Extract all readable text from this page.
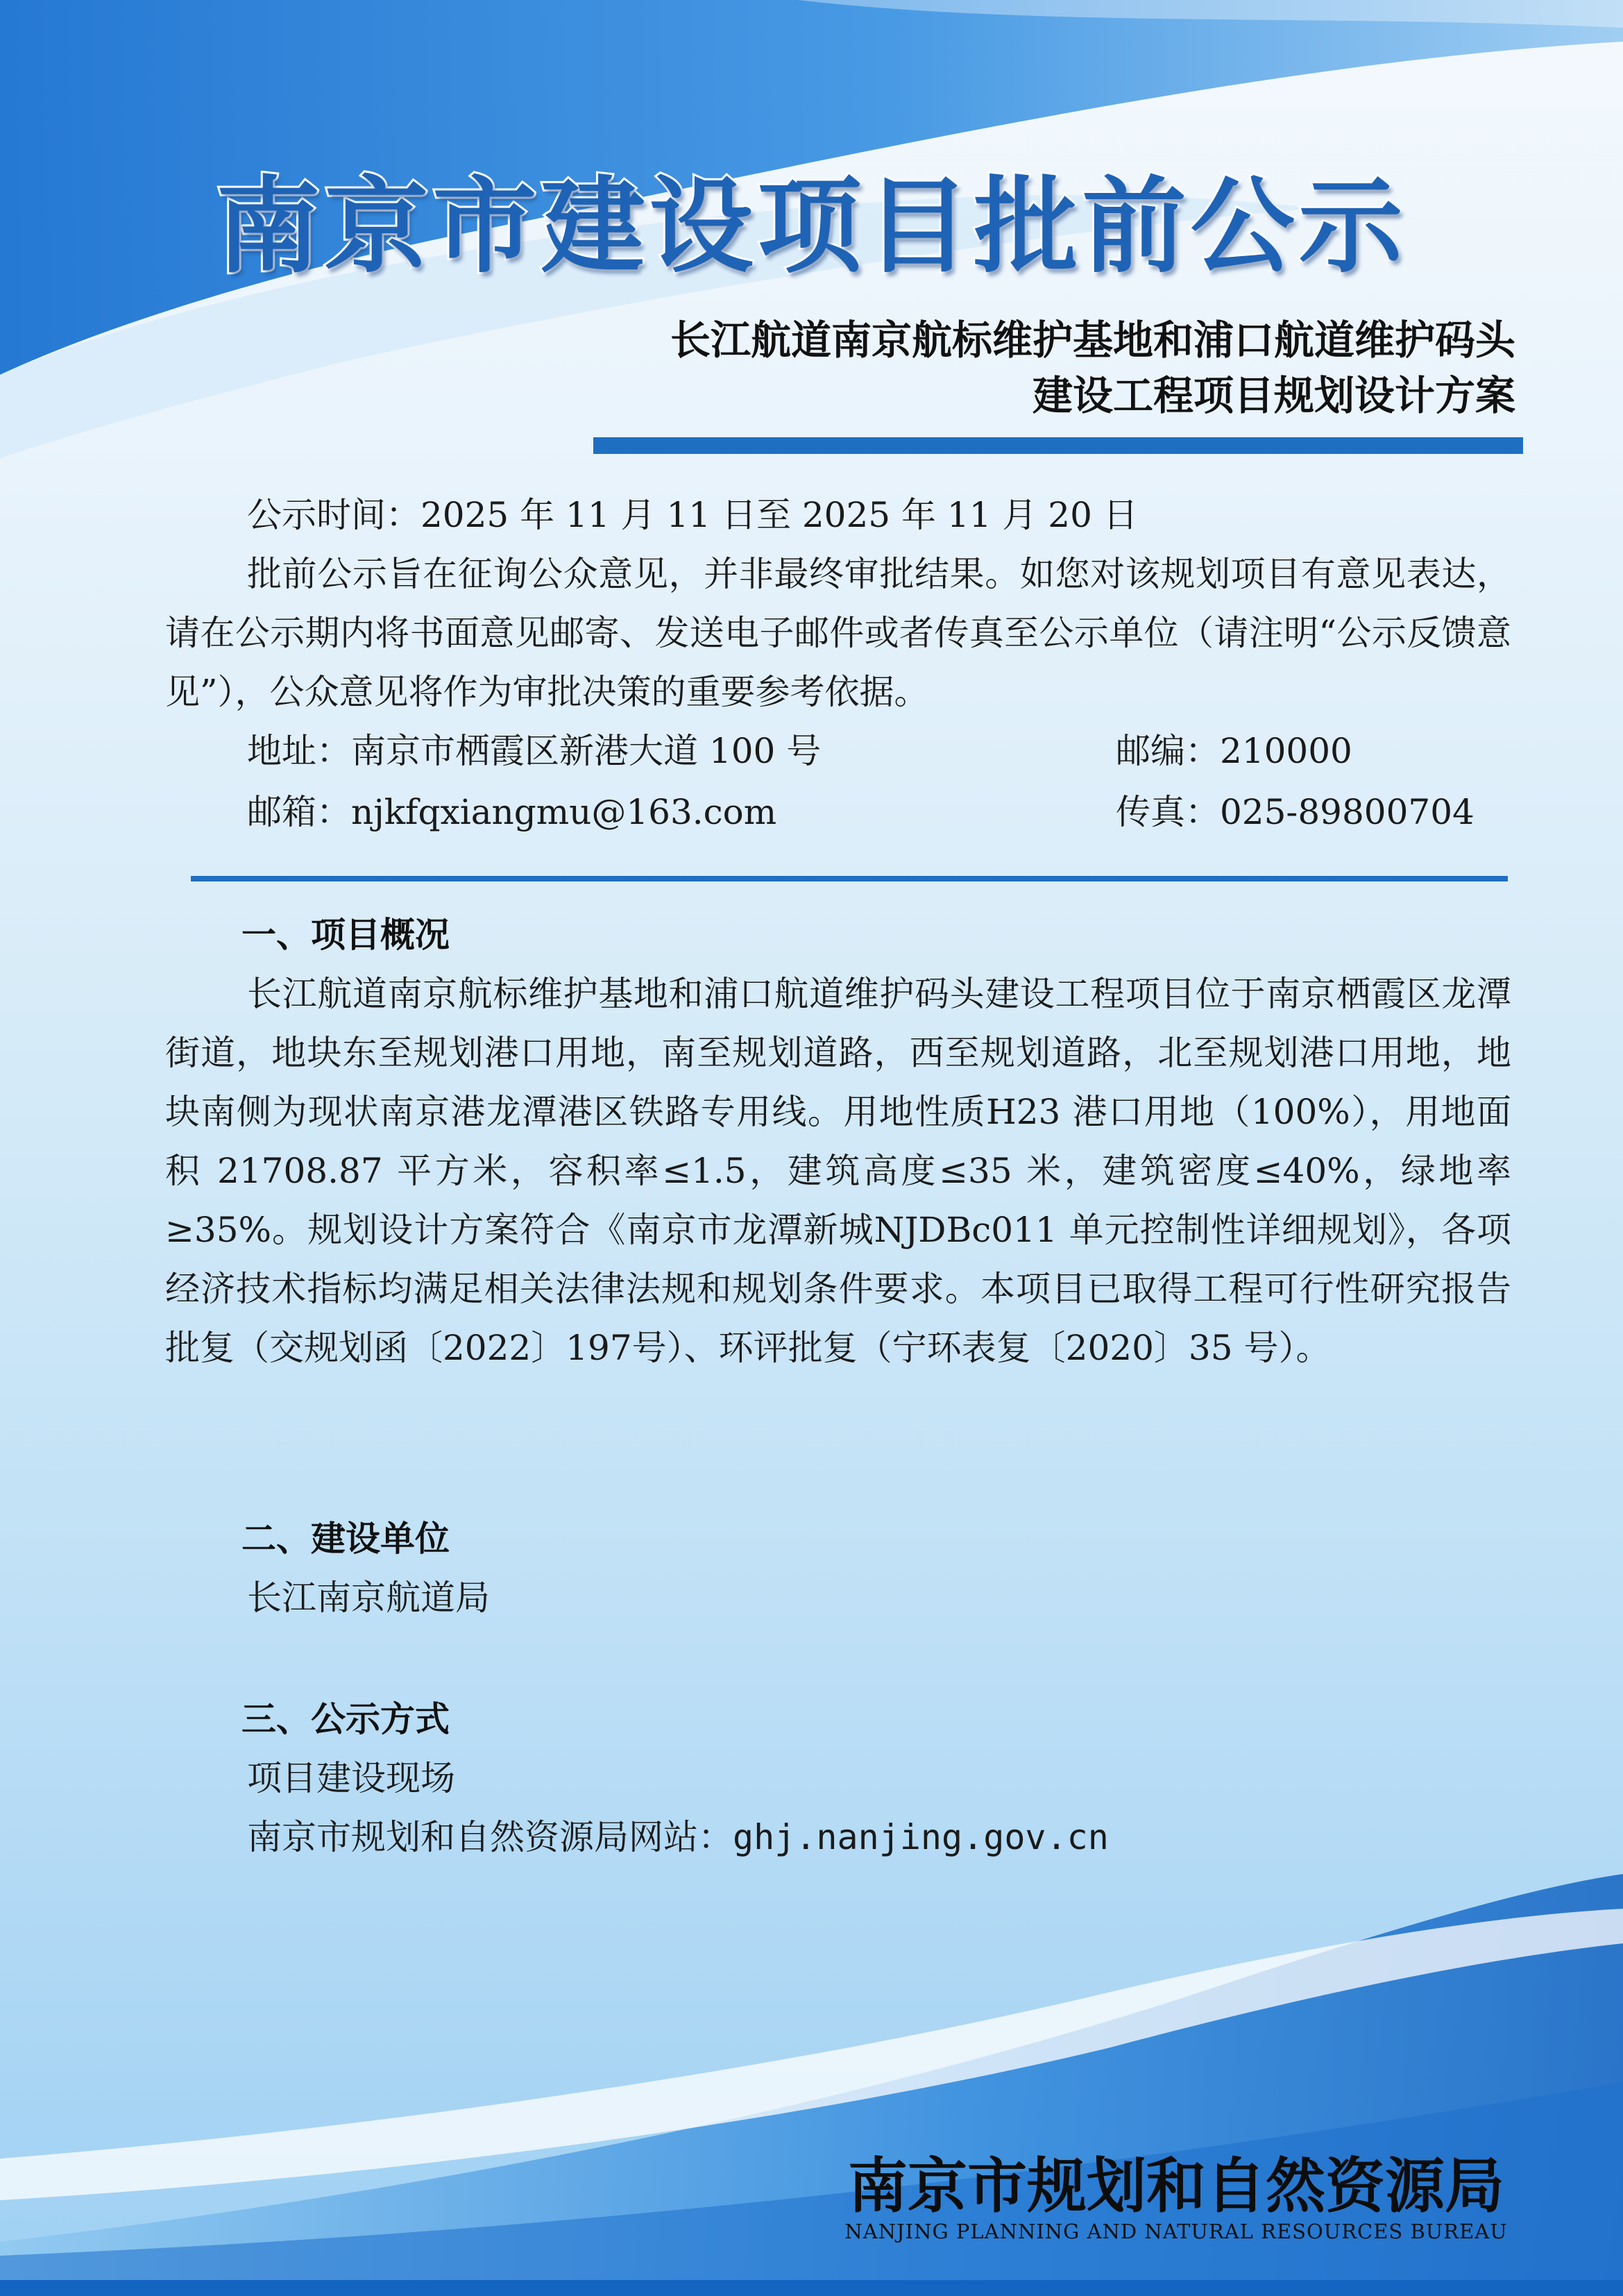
南京市建设项目批前公示
长江航道南京航标维护基地和浦口航道维护码头
建设工程项目规划设计方案
公示时间：2025 年 11 月 11 日至 2025 年 11 月 20 日
批前公示旨在征询公众意见，并非最终审批结果。如您对该规划项目有意见表达，请在公示期内将书面意见邮寄、发送电子邮件或者传真至公示单位（请注明“公示反馈意见”），公众意见将作为审批决策的重要参考依据。
地址：南京市栖霞区新港大道 100 号	邮编：210000
邮箱：njkfqxiangmu@163.com	传真：025-89800704
一、项目概况
长江航道南京航标维护基地和浦口航道维护码头建设工程项目位于南京栖霞区龙潭街道，地块东至规划港口用地，南至规划道路，西至规划道路，北至规划港口用地，地块南侧为现状南京港龙潭港区铁路专用线。用地性质H23 港口用地（100%），用地面积 21708.87 平方米，容积率≤1.5，建筑高度≤35 米，建筑密度≤40%，绿地率≥35%。规划设计方案符合《南京市龙潭新城NJDBc011 单元控制性详细规划》，各项经济技术指标均满足相关法律法规和规划条件要求。本项目已取得工程可行性研究报告批复（交规划函〔2022〕197号）、环评批复（宁环表复〔2020〕35 号）。
二、建设单位
长江南京航道局
三、公示方式
项目建设现场
南京市规划和自然资源局网站：ghj.nanjing.gov.cn
南京市规划和自然资源局
NANJING PLANNING AND NATURAL RESOURCES BUREAU
